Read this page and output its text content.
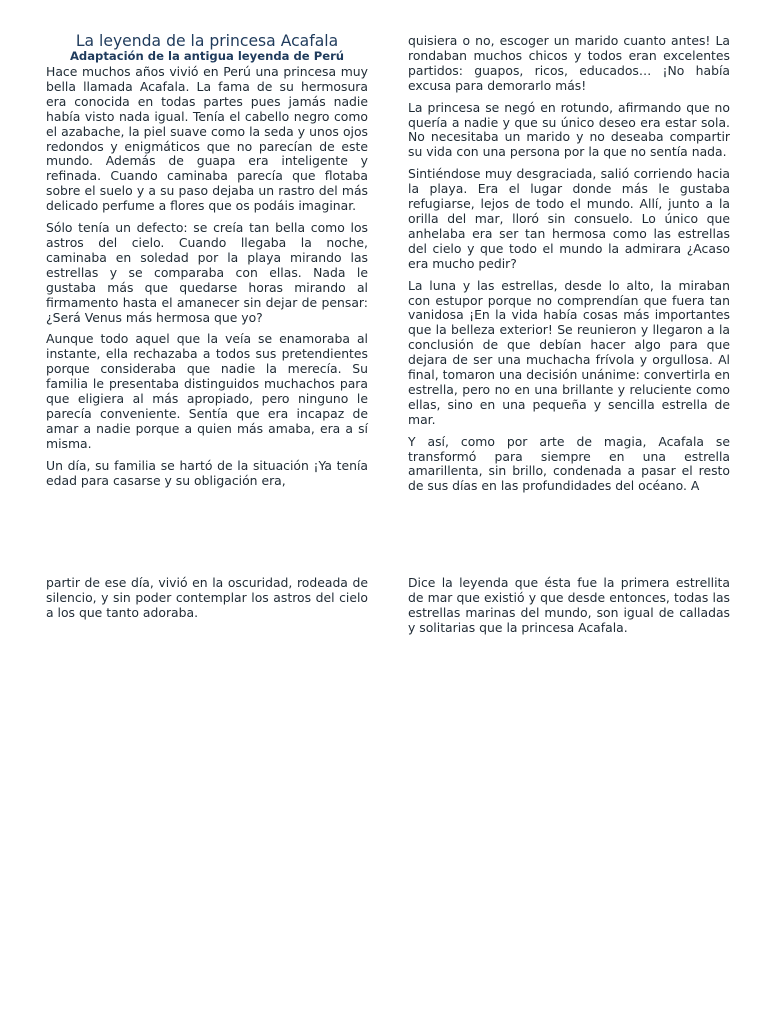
La leyenda de la princesa Acafala
Adaptación de la antigua leyenda de Perú

Hace muchos años vivió en Perú una princesa muy bella llamada Acafala. La fama de su hermosura era conocida en todas partes pues jamás nadie había visto nada igual. Tenía el cabello negro como el azabache, la piel suave como la seda y unos ojos redondos y enigmáticos que no parecían de este mundo. Además de guapa era inteligente y refinada. Cuando caminaba parecía que flotaba sobre el suelo y a su paso dejaba un rastro del más delicado perfume a flores que os podáis imaginar.

Sólo tenía un defecto: se creía tan bella como los astros del cielo. Cuando llegaba la noche, caminaba en soledad por la playa mirando las estrellas y se comparaba con ellas. Nada le gustaba más que quedarse horas mirando al firmamento hasta el amanecer sin dejar de pensar: ¿Será Venus más hermosa que yo?

Aunque todo aquel que la veía se enamoraba al instante, ella rechazaba a todos sus pretendientes porque consideraba que nadie la merecía. Su familia le presentaba distinguidos muchachos para que eligiera al más apropiado, pero ninguno le parecía conveniente. Sentía que era incapaz de amar a nadie porque a quien más amaba, era a sí misma.

Un día, su familia se hartó de la situación ¡Ya tenía edad para casarse y su obligación era,

quisiera o no, escoger un marido cuanto antes! La rondaban muchos chicos y todos eran excelentes partidos: guapos, ricos, educados… ¡No había excusa para demorarlo más!

La princesa se negó en rotundo, afirmando que no quería a nadie y que su único deseo era estar sola. No necesitaba un marido y no deseaba compartir su vida con una persona por la que no sentía nada.

Sintiéndose muy desgraciada, salió corriendo hacia la playa. Era el lugar donde más le gustaba refugiarse, lejos de todo el mundo. Allí, junto a la orilla del mar, lloró sin consuelo. Lo único que anhelaba era ser tan hermosa como las estrellas del cielo y que todo el mundo la admirara ¿Acaso era mucho pedir?

La luna y las estrellas, desde lo alto, la miraban con estupor porque no comprendían que fuera tan vanidosa ¡En la vida había cosas más importantes que la belleza exterior! Se reunieron y llegaron a la conclusión de que debían hacer algo para que dejara de ser una muchacha frívola y orgullosa. Al final, tomaron una decisión unánime: convertirla en estrella, pero no en una brillante y reluciente como ellas, sino en una pequeña y sencilla estrella de mar.

Y así, como por arte de magia, Acafala se transformó para siempre en una estrella amarillenta, sin brillo, condenada a pasar el resto de sus días en las profundidades del océano. A

partir de ese día, vivió en la oscuridad, rodeada de silencio, y sin poder contemplar los astros del cielo a los que tanto adoraba.

Dice la leyenda que ésta fue la primera estrellita de mar que existió y que desde entonces, todas las estrellas marinas del mundo, son igual de calladas y solitarias que la princesa Acafala.
